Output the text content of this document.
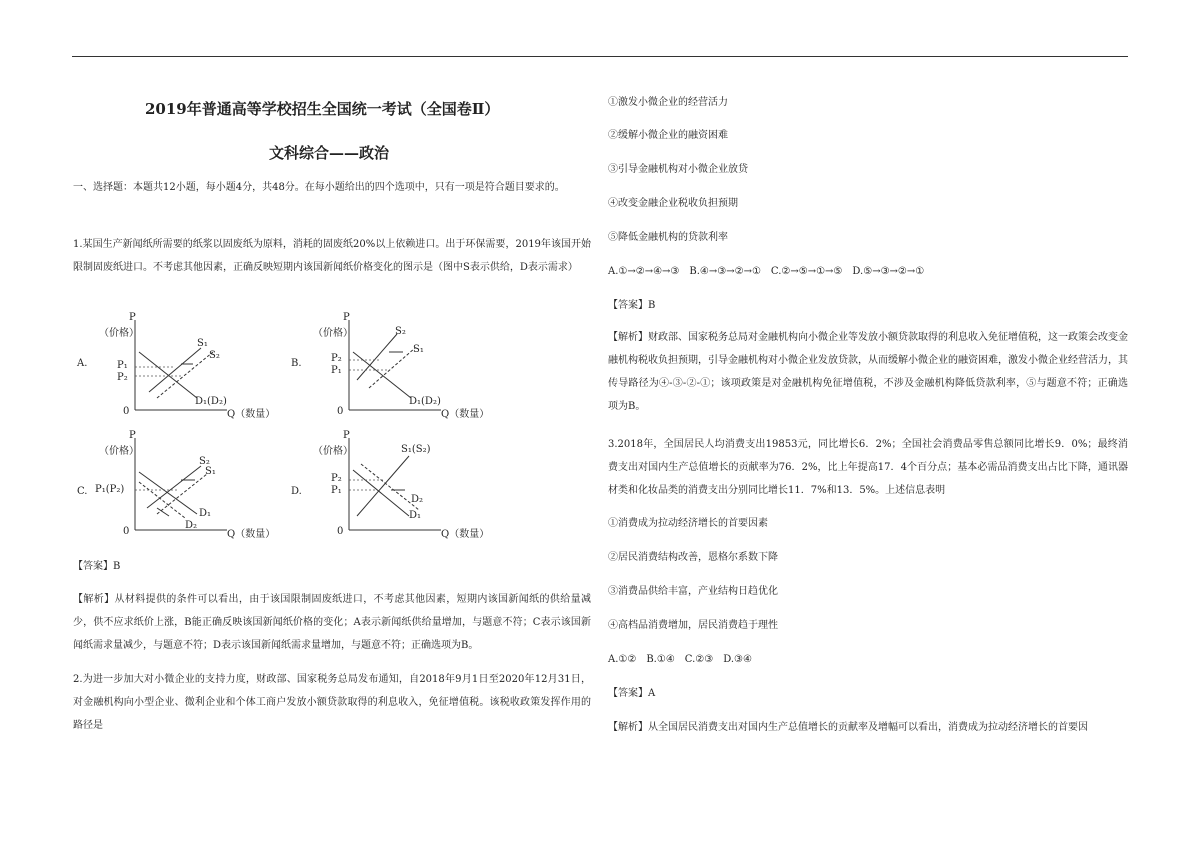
2019年普通高等学校招生全国统一考试（全国卷Ⅱ）
文科综合——政治
一、选择题：本题共12小题，每小题4分，共48分。在每小题给出的四个选项中，只有一项是符合题目要求的。
1.某国生产新闻纸所需要的纸浆以固废纸为原料，消耗的固废纸20%以上依赖进口。出于环保需要，2019年该国开始限制固废纸进口。不考虑其他因素，正确反映短期内该国新闻纸价格变化的图示是（图中S表示供给，D表示需求）
A.
P
（价格）
P₁
P₂
S₁
S₂
D₁(D₂)
0	Q（数量）
B.
P
（价格）
P₂
P₁
S₂
S₁
D₁(D₂)
0	Q（数量）
C.
P
（价格）
P₁(P₂)
S₂
S₁
D₁
D₂
0	Q（数量）
D.
P
（价格）
P₂
P₁
S₁(S₂)
D₂
D₁
0	Q（数量）
【答案】B
【解析】从材料提供的条件可以看出，由于该国限制固废纸进口，不考虑其他因素，短期内该国新闻纸的供给量减少，供不应求纸价上涨，B能正确反映该国新闻纸价格的变化；A表示新闻纸供给量增加，与题意不符；C表示该国新闻纸需求量减少，与题意不符；D表示该国新闻纸需求量增加，与题意不符；正确选项为B。
2.为进一步加大对小微企业的支持力度，财政部、国家税务总局发布通知，自2018年9月1日至2020年12月31日，对金融机构向小型企业、微利企业和个体工商户发放小额贷款取得的利息收入，免征增值税。该税收政策发挥作用的路径是
①激发小微企业的经营活力
②缓解小微企业的融资困难
③引导金融机构对小微企业放贷
④改变金融企业税收负担预期
⑤降低金融机构的贷款利率
A.①→②→④→③　B.④→③→②→①　C.②→⑤→①→⑤　D.⑤→③→②→①
【答案】B
【解析】财政部、国家税务总局对金融机构向小微企业等发放小额贷款取得的利息收入免征增值税，这一政策会改变金融机构税收负担预期，引导金融机构对小微企业发放贷款，从而缓解小微企业的融资困难，激发小微企业经营活力，其传导路径为④-③-②-①；该项政策是对金融机构免征增值税，不涉及金融机构降低贷款利率，⑤与题意不符；正确选项为B。
3.2018年，全国居民人均消费支出19853元，同比增长6．2%；全国社会消费品零售总额同比增长9．0%；最终消费支出对国内生产总值增长的贡献率为76．2%，比上年提高17．4个百分点；基本必需品消费支出占比下降，通讯器材类和化妆品类的消费支出分别同比增长11．7%和13．5%。上述信息表明
①消费成为拉动经济增长的首要因素
②居民消费结构改善，恩格尔系数下降
③消费品供给丰富，产业结构日趋优化
④高档品消费增加，居民消费趋于理性
A.①②　B.①④　C.②③　D.③④
【答案】A
【解析】从全国居民消费支出对国内生产总值增长的贡献率及增幅可以看出，消费成为拉动经济增长的首要因
